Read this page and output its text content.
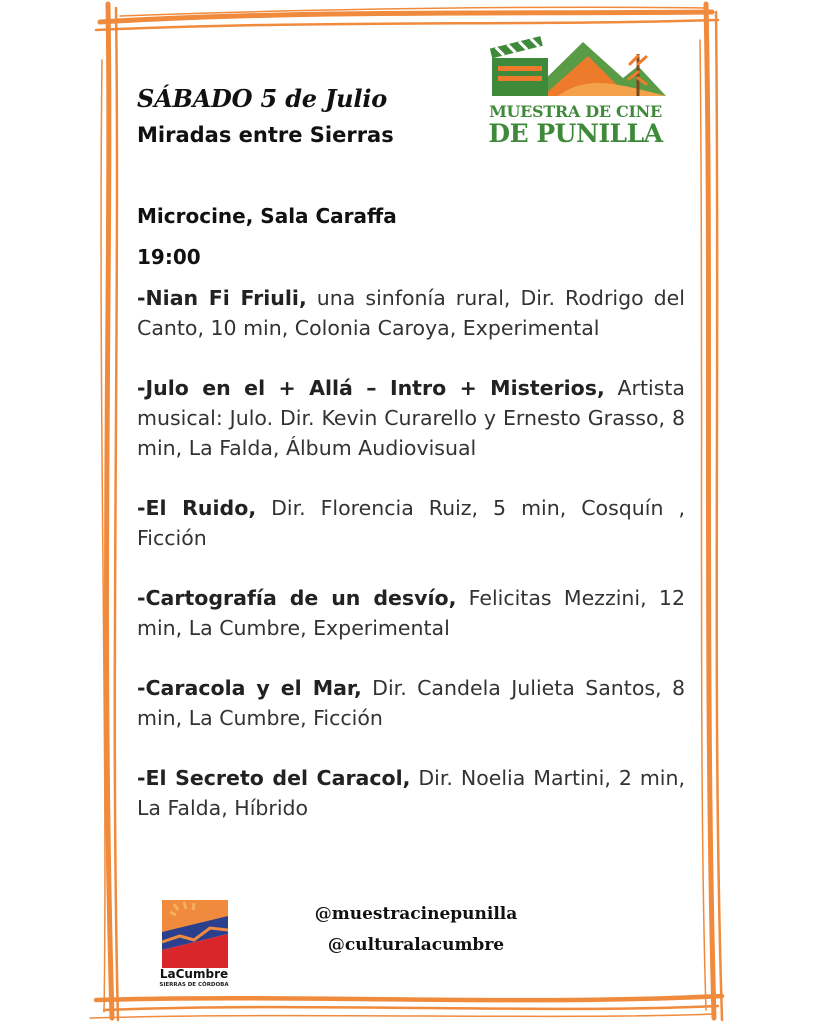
SÁBADO 5 de Julio
Miradas entre Sierras
MUESTRA DE CINE
DE PUNILLA
Microcine, Sala Caraffa
19:00

-Nian Fi Friuli, una sinfonía rural, Dir. Rodrigo del Canto, 10 min, Colonia Caroya, Experimental

-Julo en el + Allá – Intro + Misterios, Artista musical: Julo. Dir. Kevin Curarello y Ernesto Grasso, 8 min, La Falda, Álbum Audiovisual

-El Ruido, Dir. Florencia Ruiz, 5 min, Cosquín , Ficción

-Cartografía de un desvío, Felicitas Mezzini, 12 min, La Cumbre, Experimental

-Caracola y el Mar, Dir. Candela Julieta Santos, 8 min, La Cumbre, Ficción

-El Secreto del Caracol, Dir. Noelia Martini, 2 min, La Falda, Híbrido

LaCumbre
SIERRAS DE CÓRDOBA
@muestracinepunilla
@culturalacumbre
